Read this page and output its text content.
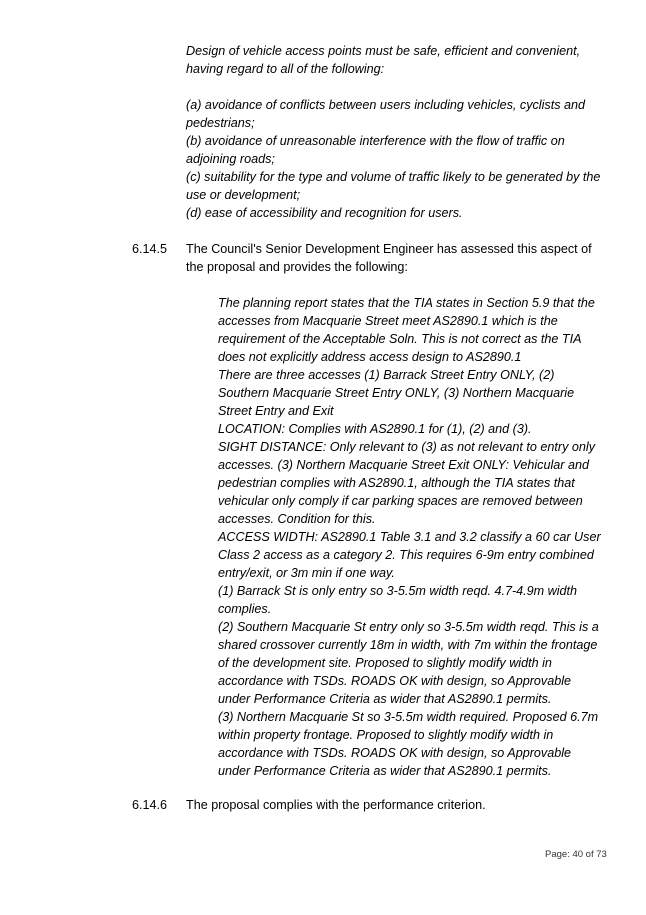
Design of vehicle access points must be safe, efficient and convenient, having regard to all of the following:

(a) avoidance of conflicts between users including vehicles, cyclists and pedestrians;

(b) avoidance of unreasonable interference with the flow of traffic on adjoining roads;

(c) suitability for the type and volume of traffic likely to be generated by the use or development;

(d) ease of accessibility and recognition for users.

6.14.5	The Council's Senior Development Engineer has assessed this aspect of the proposal and provides the following:

The planning report states that the TIA states in Section 5.9 that the accesses from Macquarie Street meet AS2890.1 which is the requirement of the Acceptable Soln. This is not correct as the TIA does not explicitly address access design to AS2890.1

There are three accesses (1) Barrack Street Entry ONLY, (2) Southern Macquarie Street Entry ONLY, (3) Northern Macquarie Street Entry and Exit

LOCATION: Complies with AS2890.1 for (1), (2) and (3).

SIGHT DISTANCE: Only relevant to (3) as not relevant to entry only accesses. (3) Northern Macquarie Street Exit ONLY: Vehicular and pedestrian complies with AS2890.1, although the TIA states that vehicular only comply if car parking spaces are removed between accesses. Condition for this.

ACCESS WIDTH: AS2890.1 Table 3.1 and 3.2 classify a 60 car User Class 2 access as a category 2. This requires 6-9m entry combined entry/exit, or 3m min if one way.

(1) Barrack St is only entry so 3-5.5m width reqd. 4.7-4.9m width complies.

(2) Southern Macquarie St entry only so 3-5.5m width reqd. This is a shared crossover currently 18m in width, with 7m within the frontage of the development site. Proposed to slightly modify width in accordance with TSDs. ROADS OK with design, so Approvable under Performance Criteria as wider that AS2890.1 permits.

(3) Northern Macquarie St so 3-5.5m width required. Proposed 6.7m within property frontage. Proposed to slightly modify width in accordance with TSDs. ROADS OK with design, so Approvable under Performance Criteria as wider that AS2890.1 permits.

6.14.6	The proposal complies with the performance criterion.
Page: 40 of 73
